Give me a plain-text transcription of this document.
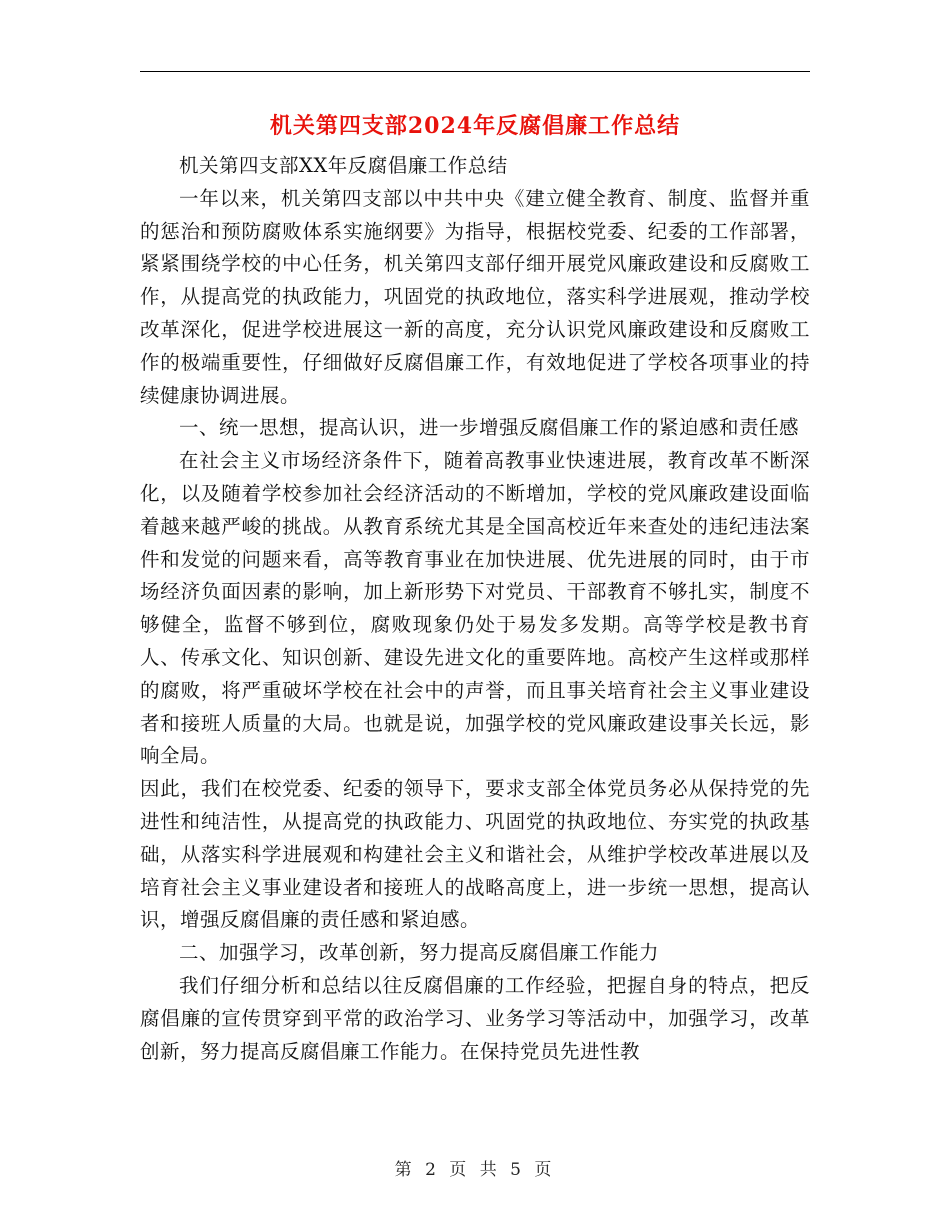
机关第四支部2024年反腐倡廉工作总结

机关第四支部XX年反腐倡廉工作总结

一年以来，机关第四支部以中共中央《建立健全教育、制度、监督并重的惩治和预防腐败体系实施纲要》为指导，根据校党委、纪委的工作部署，紧紧围绕学校的中心任务，机关第四支部仔细开展党风廉政建设和反腐败工作，从提高党的执政能力，巩固党的执政地位，落实科学进展观，推动学校改革深化，促进学校进展这一新的高度，充分认识党风廉政建设和反腐败工作的极端重要性，仔细做好反腐倡廉工作，有效地促进了学校各项事业的持续健康协调进展。

一、统一思想，提高认识，进一步增强反腐倡廉工作的紧迫感和责任感

在社会主义市场经济条件下，随着高教事业快速进展，教育改革不断深化，以及随着学校参加社会经济活动的不断增加，学校的党风廉政建设面临着越来越严峻的挑战。从教育系统尤其是全国高校近年来查处的违纪违法案件和发觉的问题来看，高等教育事业在加快进展、优先进展的同时，由于市场经济负面因素的影响，加上新形势下对党员、干部教育不够扎实，制度不够健全，监督不够到位，腐败现象仍处于易发多发期。高等学校是教书育人、传承文化、知识创新、建设先进文化的重要阵地。高校产生这样或那样的腐败，将严重破坏学校在社会中的声誉，而且事关培育社会主义事业建设者和接班人质量的大局。也就是说，加强学校的党风廉政建设事关长远，影响全局。

因此，我们在校党委、纪委的领导下，要求支部全体党员务必从保持党的先进性和纯洁性，从提高党的执政能力、巩固党的执政地位、夯实党的执政基础，从落实科学进展观和构建社会主义和谐社会，从维护学校改革进展以及培育社会主义事业建设者和接班人的战略高度上，进一步统一思想，提高认识，增强反腐倡廉的责任感和紧迫感。

二、加强学习，改革创新，努力提高反腐倡廉工作能力

我们仔细分析和总结以往反腐倡廉的工作经验，把握自身的特点，把反腐倡廉的宣传贯穿到平常的政治学习、业务学习等活动中，加强学习，改革创新，努力提高反腐倡廉工作能力。在保持党员先进性教

第 2 页 共 5 页
